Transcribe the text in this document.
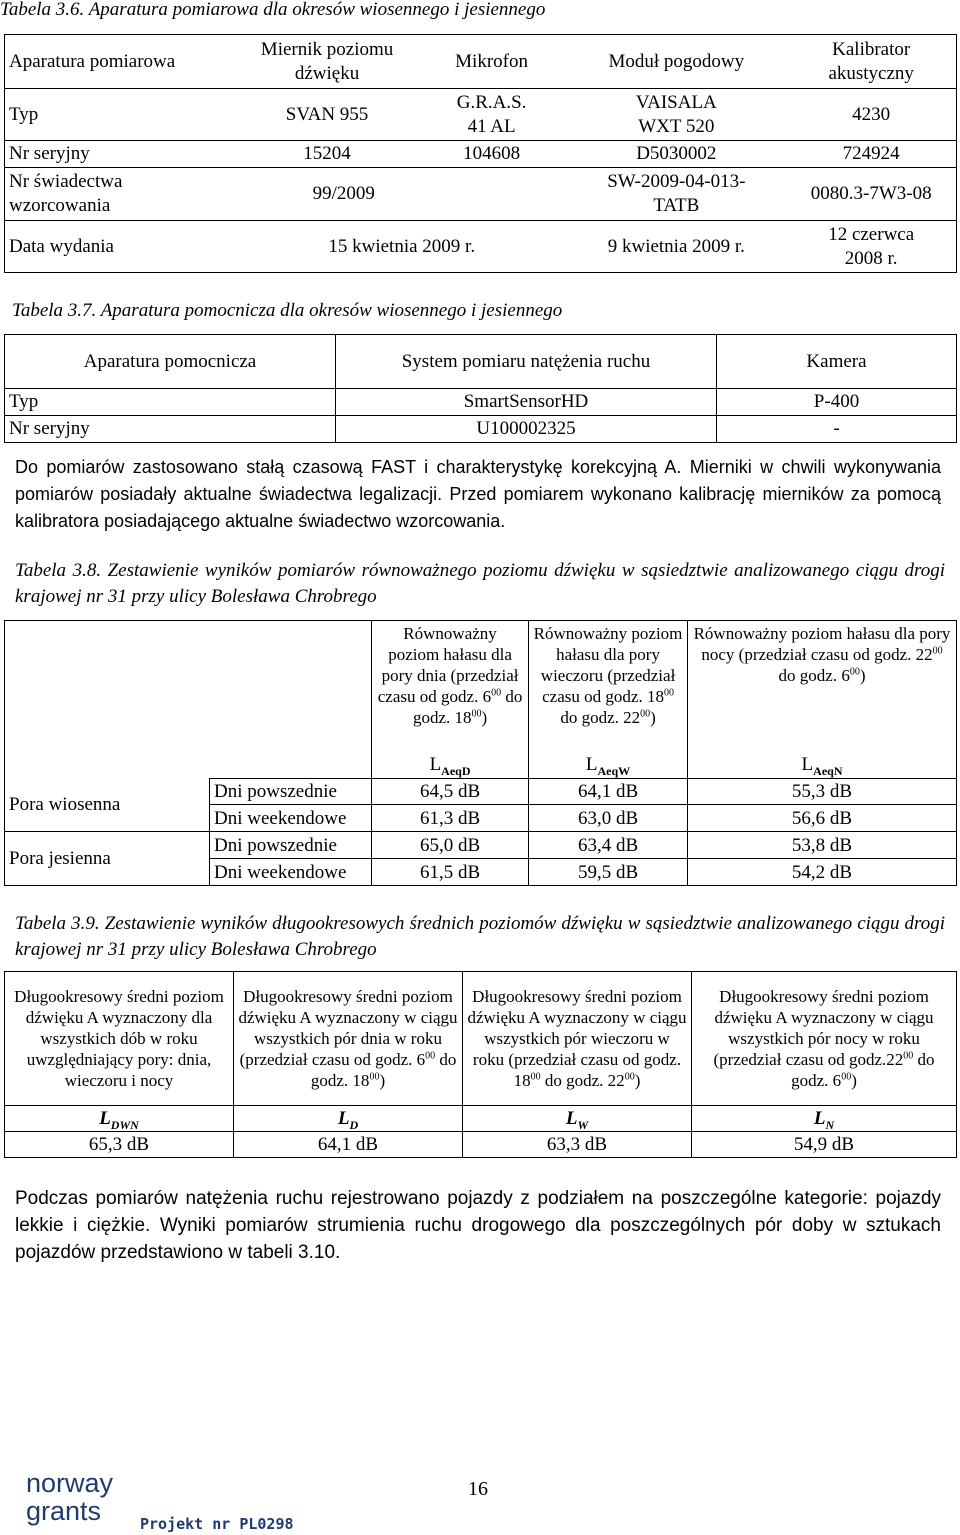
Tabela 3.6. Aparatura pomiarowa dla okresów wiosennego i jesiennego
Aparatura pomiarowa	Miernik poziomu dźwięku	Mikrofon	Moduł pogodowy	Kalibrator akustyczny
Typ	SVAN 955	G.R.A.S. 41 AL	VAISALA WXT 520	4230
Nr seryjny	15204	104608	D5030002	724924
Nr świadectwa wzorcowania	99/2009		SW-2009-04-013-TATB	0080.3-7W3-08
Data wydania	15 kwietnia 2009 r.		9 kwietnia 2009 r.	12 czerwca 2008 r.
Tabela 3.7. Aparatura pomocnicza dla okresów wiosennego i jesiennego
Aparatura pomocnicza	System pomiaru natężenia ruchu	Kamera
Typ	SmartSensorHD	P-400
Nr seryjny	U100002325	-
Do pomiarów zastosowano stałą czasową FAST i charakterystykę korekcyjną A. Mierniki w chwili wykonywania pomiarów posiadały aktualne świadectwa legalizacji. Przed pomiarem wykonano kalibrację mierników za pomocą kalibratora posiadającego aktualne świadectwo wzorcowania.
Tabela 3.8. Zestawienie wyników pomiarów równoważnego poziomu dźwięku w sąsiedztwie analizowanego ciągu drogi krajowej nr 31 przy ulicy Bolesława Chrobrego
		Równoważny poziom hałasu dla pory dnia (przedział czasu od godz. $6^{00}$ do godz. $18^{00}$)	Równoważny poziom hałasu dla pory wieczoru (przedział czasu od godz. $18^{00}$ do godz. $22^{00}$)	Równoważny poziom hałasu dla pory nocy (przedział czasu od godz. $22^{00}$ do godz. $6^{00}$)
		$L_{AeqD}$	$L_{AeqW}$	$L_{AeqN}$
Pora wiosenna	Dni powszednie	64,5 dB	64,1 dB	55,3 dB
	Dni weekendowe	61,3 dB	63,0 dB	56,6 dB
Pora jesienna	Dni powszednie	65,0 dB	63,4 dB	53,8 dB
	Dni weekendowe	61,5 dB	59,5 dB	54,2 dB
Tabela 3.9. Zestawienie wyników długookresowych średnich poziomów dźwięku w sąsiedztwie analizowanego ciągu drogi krajowej nr 31 przy ulicy Bolesława Chrobrego
Długookresowy średni poziom dźwięku A wyznaczony dla wszystkich dób w roku uwzględniający pory: dnia, wieczoru i nocy	Długookresowy średni poziom dźwięku A wyznaczony w ciągu wszystkich pór dnia w roku (przedział czasu od godz. $6^{00}$ do godz. $18^{00}$)	Długookresowy średni poziom dźwięku A wyznaczony w ciągu wszystkich pór wieczoru w roku (przedział czasu od godz. $18^{00}$ do godz. $22^{00}$)	Długookresowy średni poziom dźwięku A wyznaczony w ciągu wszystkich pór nocy w roku (przedział czasu od $godz.22^{00}$ do godz. $6^{00}$)
$L_{DWN}$	$L_D$	$L_W$	$L_N$
65,3 dB	64,1 dB	63,3 dB	54,9 dB
Podczas pomiarów natężenia ruchu rejestrowano pojazdy z podziałem na poszczególne kategorie: pojazdy lekkie i ciężkie. Wyniki pomiarów strumienia ruchu drogowego dla poszczególnych pór doby w sztukach pojazdów przedstawiono w tabeli 3.10.
16
norway
grants	Projekt nr PL0298
